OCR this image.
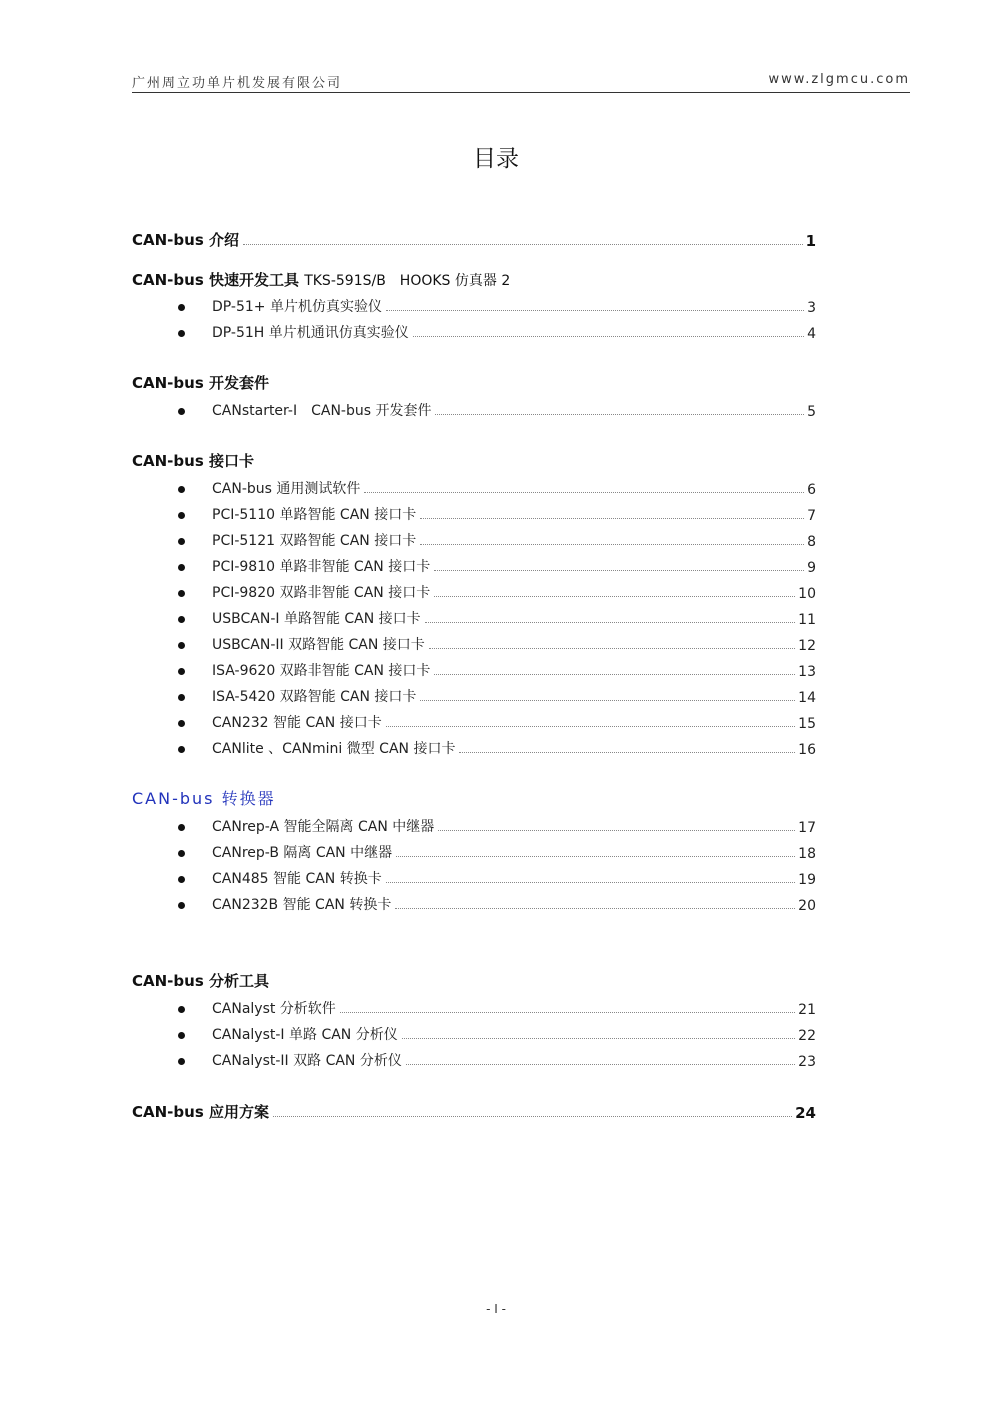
广州周立功单片机发展有限公司	www.zlgmcu.com
目录
CAN-bus 介绍	1
CAN-bus 快速开发工具 TKS-591S/B　HOOKS 仿真器 2
DP-51+ 单片机仿真实验仪	3
DP-51H 单片机通讯仿真实验仪	4
CAN-bus 开发套件
CANstarter-I　CAN-bus 开发套件	5
CAN-bus 接口卡
CAN-bus 通用测试软件	6
PCI-5110 单路智能 CAN 接口卡	7
PCI-5121 双路智能 CAN 接口卡	8
PCI-9810 单路非智能 CAN 接口卡	9
PCI-9820 双路非智能 CAN 接口卡	10
USBCAN-I 单路智能 CAN 接口卡	11
USBCAN-II 双路智能 CAN 接口卡	12
ISA-9620 双路非智能 CAN 接口卡	13
ISA-5420 双路智能 CAN 接口卡	14
CAN232 智能 CAN 接口卡	15
CANlite 、CANmini 微型 CAN 接口卡	16
CAN-bus 转换器
CANrep-A 智能全隔离 CAN 中继器	17
CANrep-B 隔离 CAN 中继器	18
CAN485 智能 CAN 转换卡	19
CAN232B 智能 CAN 转换卡	20
CAN-bus 分析工具
CANalyst 分析软件	21
CANalyst-I 单路 CAN 分析仪	22
CANalyst-II 双路 CAN 分析仪	23
CAN-bus 应用方案	24
- I -
